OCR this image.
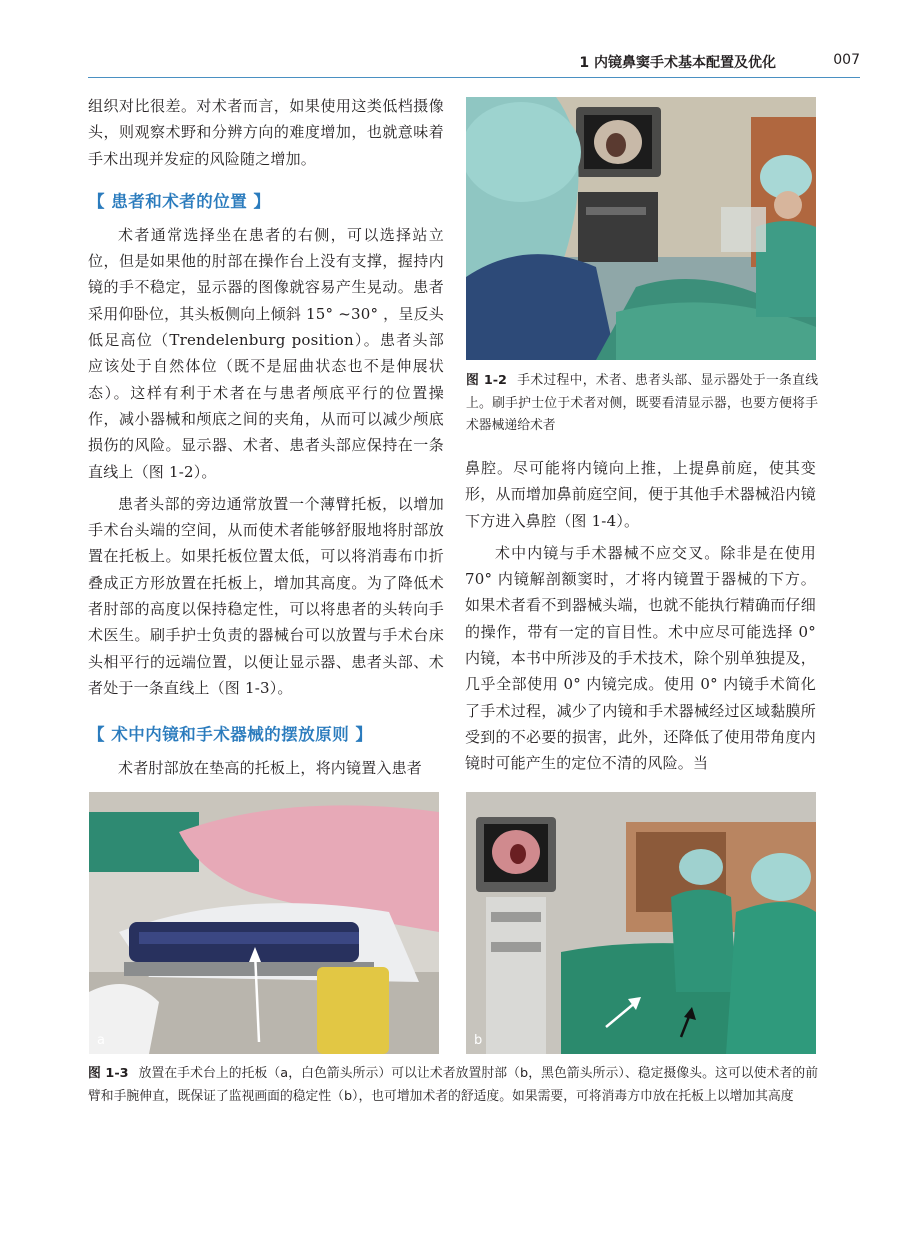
1 内镜鼻窦手术基本配置及优化	007

组织对比很差。对术者而言，如果使用这类低档摄像头，则观察术野和分辨方向的难度增加，也就意味着手术出现并发症的风险随之增加。

【 患者和术者的位置 】

术者通常选择坐在患者的右侧，可以选择站立位，但是如果他的肘部在操作台上没有支撑，握持内镜的手不稳定，显示器的图像就容易产生晃动。患者采用仰卧位，其头板侧向上倾斜 15° ~30° ，呈反头低足高位（Trendelenburg position）。患者头部应该处于自然体位（既不是屈曲状态也不是伸展状态）。这样有利于术者在与患者颅底平行的位置操作，减小器械和颅底之间的夹角，从而可以减少颅底损伤的风险。显示器、术者、患者头部应保持在一条直线上（图 1-2）。

患者头部的旁边通常放置一个薄臂托板，以增加手术台头端的空间，从而使术者能够舒服地将肘部放置在托板上。如果托板位置太低，可以将消毒布巾折叠成正方形放置在托板上，增加其高度。为了降低术者肘部的高度以保持稳定性，可以将患者的头转向手术医生。刷手护士负责的器械台可以放置与手术台床头相平行的远端位置，以便让显示器、患者头部、术者处于一条直线上（图 1-3）。

【 术中内镜和手术器械的摆放原则 】

术者肘部放在垫高的托板上，将内镜置入患者

图 1-2 手术过程中，术者、患者头部、显示器处于一条直线上。刷手护士位于术者对侧，既要看清显示器，也要方便将手术器械递给术者

鼻腔。尽可能将内镜向上推，上提鼻前庭，使其变形，从而增加鼻前庭空间，便于其他手术器械沿内镜下方进入鼻腔（图 1-4）。

术中内镜与手术器械不应交叉。除非是在使用 70° 内镜解剖额窦时，才将内镜置于器械的下方。如果术者看不到器械头端，也就不能执行精确而仔细的操作，带有一定的盲目性。术中应尽可能选择 0° 内镜，本书中所涉及的手术技术，除个别单独提及，几乎全部使用 0° 内镜完成。使用 0° 内镜手术简化了手术过程，减少了内镜和手术器械经过区域黏膜所受到的不必要的损害，此外，还降低了使用带角度内镜时可能产生的定位不清的风险。当

a	b
图 1-3 放置在手术台上的托板（a，白色箭头所示）可以让术者放置肘部（b，黑色箭头所示）、稳定摄像头。这可以使术者的前臂和手腕伸直，既保证了监视画面的稳定性（b），也可增加术者的舒适度。如果需要，可将消毒方巾放在托板上以增加其高度
